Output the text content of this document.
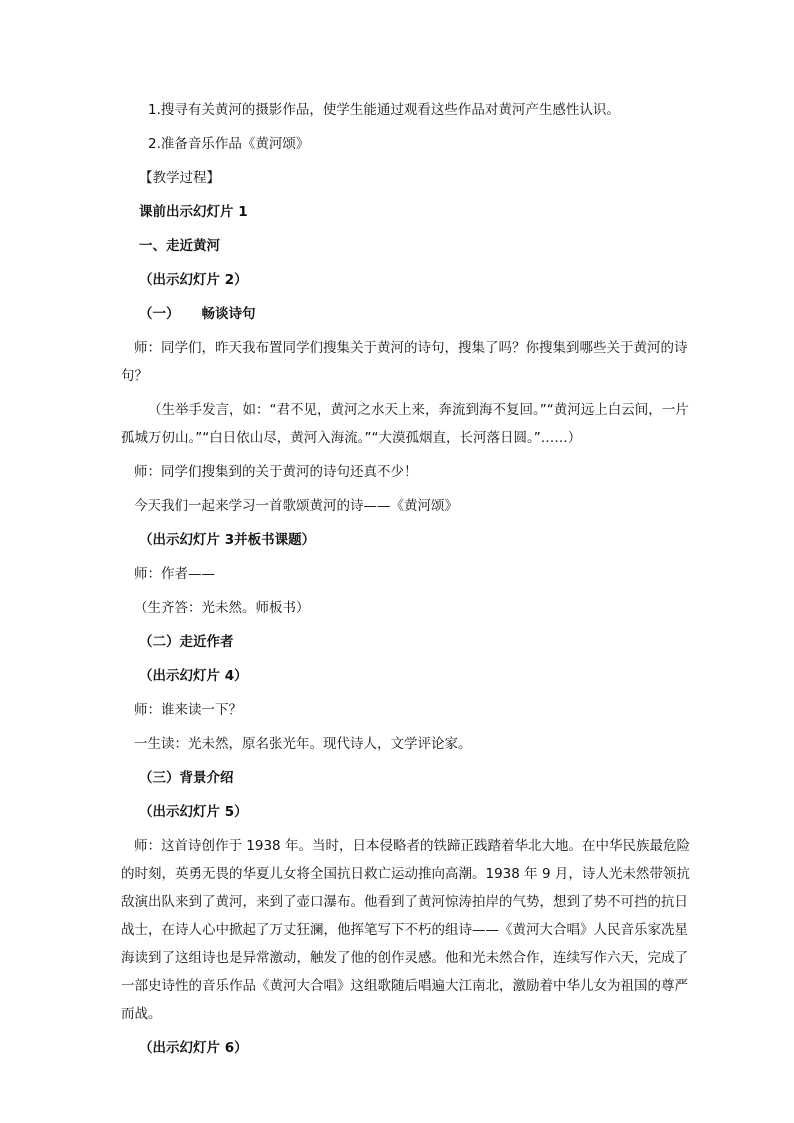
1.搜寻有关黄河的摄影作品，使学生能通过观看这些作品对黄河产生感性认识。

2.准备音乐作品《黄河颂》

【教学过程】

课前出示幻灯片 1

一、走近黄河

（出示幻灯片 2）

（一） 畅谈诗句

师：同学们，昨天我布置同学们搜集关于黄河的诗句，搜集了吗？你搜集到哪些关于黄河的诗句？

（生举手发言，如：“君不见，黄河之水天上来，奔流到海不复回。”“黄河远上白云间，一片孤城万仞山。”“白日依山尽，黄河入海流。”“大漠孤烟直，长河落日圆。”……）

师：同学们搜集到的关于黄河的诗句还真不少！

今天我们一起来学习一首歌颂黄河的诗——《黄河颂》

（出示幻灯片 3并板书课题）

师：作者——

（生齐答：光未然。师板书）

（二）走近作者

（出示幻灯片 4）

师：谁来读一下？

一生读：光未然，原名张光年。现代诗人，文学评论家。

（三）背景介绍

（出示幻灯片 5）

师：这首诗创作于 1938 年。当时，日本侵略者的铁蹄正践踏着华北大地。在中华民族最危险的时刻，英勇无畏的华夏儿女将全国抗日救亡运动推向高潮。1938 年 9 月，诗人光未然带领抗敌演出队来到了黄河，来到了壶口瀑布。他看到了黄河惊涛拍岸的气势，想到了势不可挡的抗日战士，在诗人心中掀起了万丈狂澜，他挥笔写下不朽的组诗——《黄河大合唱》人民音乐家冼星海读到了这组诗也是异常激动，触发了他的创作灵感。他和光未然合作，连续写作六天，完成了一部史诗性的音乐作品《黄河大合唱》这组歌随后唱遍大江南北，激励着中华儿女为祖国的尊严而战。

（出示幻灯片 6）
